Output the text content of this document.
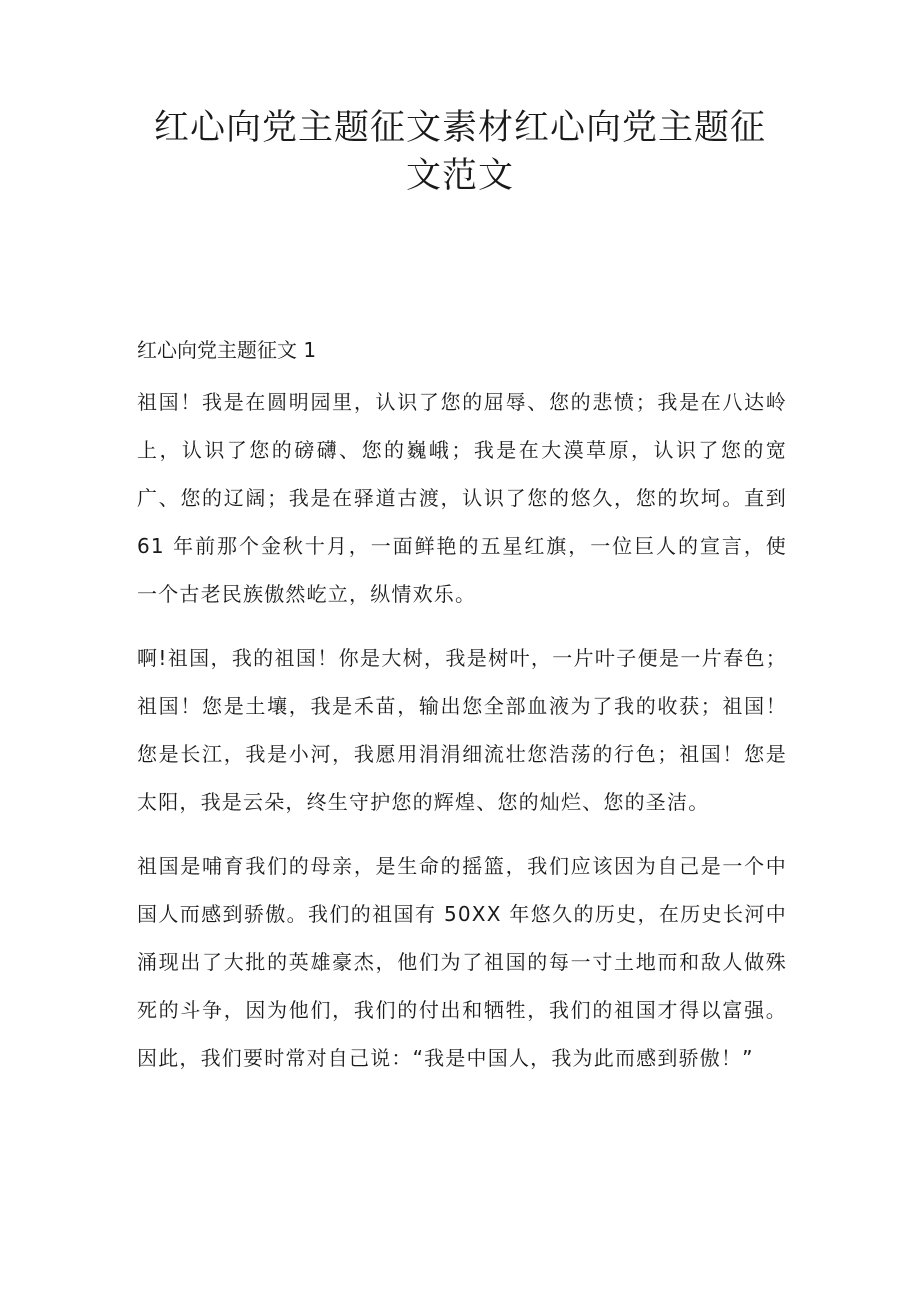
红心向党主题征文素材红心向党主题征文范文

红心向党主题征文 1

祖国！我是在圆明园里，认识了您的屈辱、您的悲愤；我是在八达岭上，认识了您的磅礴、您的巍峨；我是在大漠草原，认识了您的宽广、您的辽阔；我是在驿道古渡，认识了您的悠久，您的坎坷。直到 61 年前那个金秋十月，一面鲜艳的五星红旗，一位巨人的宣言，使一个古老民族傲然屹立，纵情欢乐。

啊!祖国，我的祖国！你是大树，我是树叶，一片叶子便是一片春色；祖国！您是土壤，我是禾苗，输出您全部血液为了我的收获；祖国！您是长江，我是小河，我愿用涓涓细流壮您浩荡的行色；祖国！您是太阳，我是云朵，终生守护您的辉煌、您的灿烂、您的圣洁。

祖国是哺育我们的母亲，是生命的摇篮，我们应该因为自己是一个中国人而感到骄傲。我们的祖国有 50XX 年悠久的历史，在历史长河中涌现出了大批的英雄豪杰，他们为了祖国的每一寸土地而和敌人做殊死的斗争，因为他们，我们的付出和牺牲，我们的祖国才得以富强。因此，我们要时常对自己说：“我是中国人，我为此而感到骄傲！”
